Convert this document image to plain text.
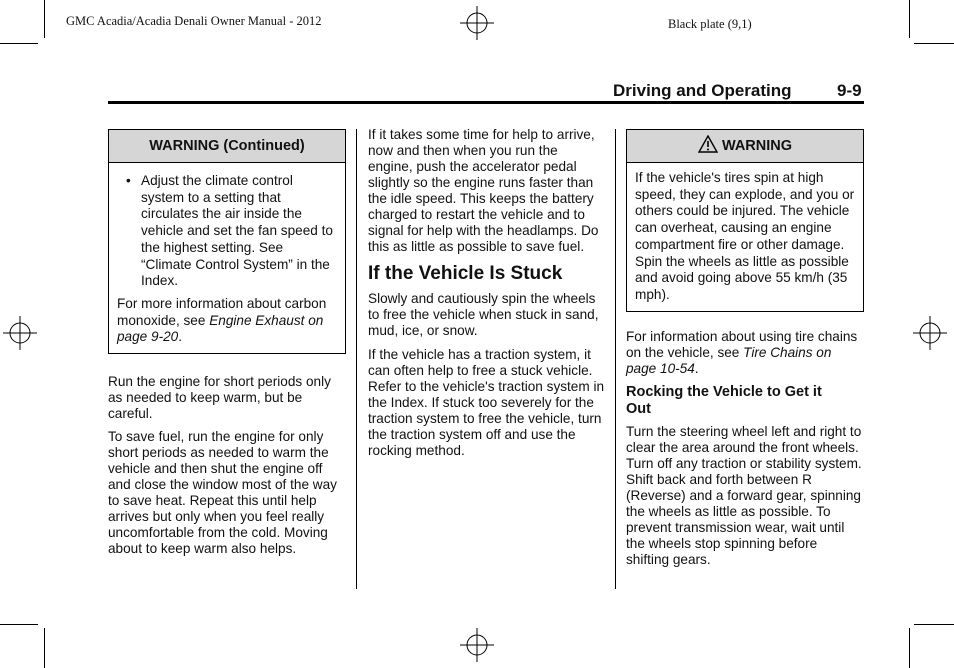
GMC Acadia/Acadia Denali Owner Manual - 2012	Black plate (9,1)
Driving and Operating	9-9
WARNING (Continued)
• Adjust the climate control system to a setting that circulates the air inside the vehicle and set the fan speed to the highest setting. See “Climate Control System” in the Index.
For more information about carbon monoxide, see Engine Exhaust on page 9-20.

Run the engine for short periods only as needed to keep warm, but be careful.

To save fuel, run the engine for only short periods as needed to warm the vehicle and then shut the engine off and close the window most of the way to save heat. Repeat this until help arrives but only when you feel really uncomfortable from the cold. Moving about to keep warm also helps.

If it takes some time for help to arrive, now and then when you run the engine, push the accelerator pedal slightly so the engine runs faster than the idle speed. This keeps the battery charged to restart the vehicle and to signal for help with the headlamps. Do this as little as possible to save fuel.

If the Vehicle Is Stuck

Slowly and cautiously spin the wheels to free the vehicle when stuck in sand, mud, ice, or snow.

If the vehicle has a traction system, it can often help to free a stuck vehicle. Refer to the vehicle's traction system in the Index. If stuck too severely for the traction system to free the vehicle, turn the traction system off and use the rocking method.

WARNING
If the vehicle's tires spin at high speed, they can explode, and you or others could be injured. The vehicle can overheat, causing an engine compartment fire or other damage. Spin the wheels as little as possible and avoid going above 55 km/h (35 mph).

For information about using tire chains on the vehicle, see Tire Chains on page 10-54.

Rocking the Vehicle to Get it Out

Turn the steering wheel left and right to clear the area around the front wheels. Turn off any traction or stability system. Shift back and forth between R (Reverse) and a forward gear, spinning the wheels as little as possible. To prevent transmission wear, wait until the wheels stop spinning before shifting gears.
